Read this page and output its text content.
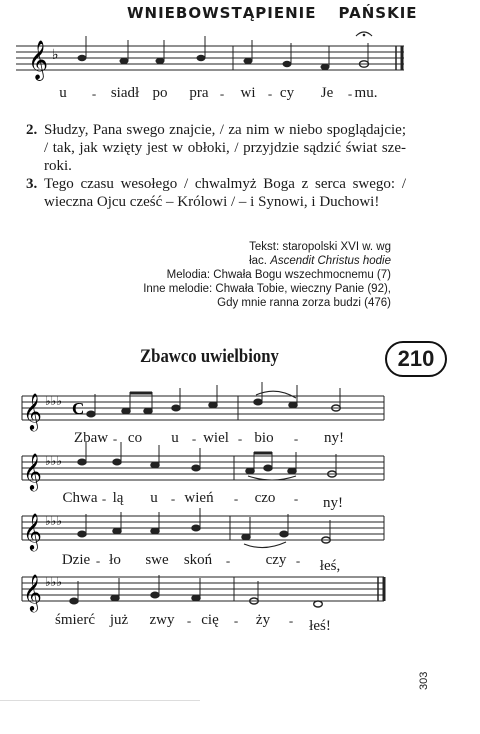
WNIEBOWSTĄPIENIE PAŃSKIE
𝄞 ♭
u - siadł po pra - wi - cy Je - mu.
2. Słudzy, Pana swego znajcie, / za nim w niebo spoglądajcie; / tak, jak wzięty jest w obłoki, / przyjdzie sądzić świat sze-roki.
3. Tego czasu wesołego / chwalmyż Boga z serca swego: / wieczna Ojcu cześć – Królowi / – i Synowi, i Duchowi!
Tekst: staropolski XVI w. wg
łac. Ascendit Christus hodie
Melodia: Chwała Bogu wszechmocnemu (7)
Inne melodie: Chwała Tobie, wieczny Panie (92),
Gdy mnie ranna zorza budzi (476)
Zbawco uwielbiony	210
𝄞 ♭♭♭ C
Zbaw - co u - wiel - bio - ny!
𝄞 ♭♭♭
Chwa - lą u - wień - czo - ny!
𝄞 ♭♭♭
Dzie - ło swe skoń - czy - łeś,
𝄞 ♭♭♭
śmierć już zwy - cię - ży - łeś!
303
